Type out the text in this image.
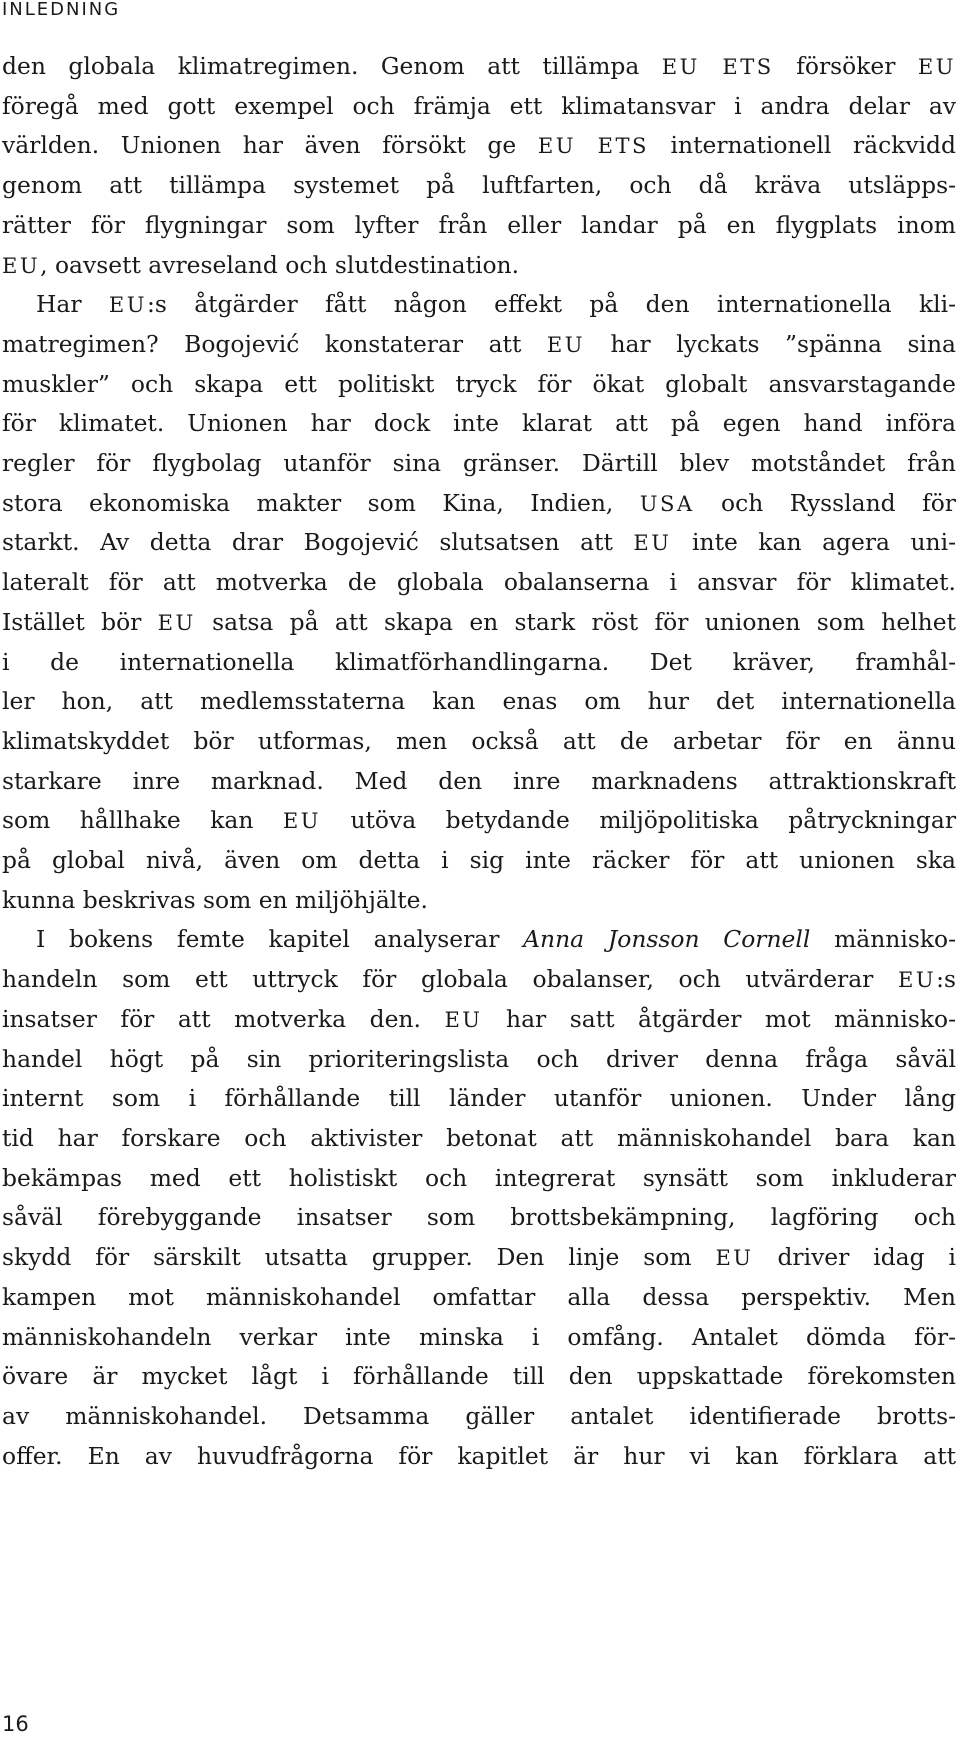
INLEDNING
den globala klimatregimen. Genom att tillämpa EU ETS försöker EU
föregå med gott exempel och främja ett klimatansvar i andra delar av
världen. Unionen har även försökt ge EU ETS internationell räckvidd
genom att tillämpa systemet på luftfarten, och då kräva utsläpps-
rätter för flygningar som lyfter från eller landar på en flygplats inom
EU, oavsett avreseland och slutdestination.
Har EU:s åtgärder fått någon effekt på den internationella kli-
matregimen? Bogojević konstaterar att EU har lyckats ”spänna sina
muskler” och skapa ett politiskt tryck för ökat globalt ansvarstagande
för klimatet. Unionen har dock inte klarat att på egen hand införa
regler för flygbolag utanför sina gränser. Därtill blev motståndet från
stora ekonomiska makter som Kina, Indien, USA och Ryssland för
starkt. Av detta drar Bogojević slutsatsen att EU inte kan agera uni-
lateralt för att motverka de globala obalanserna i ansvar för klimatet.
Istället bör EU satsa på att skapa en stark röst för unionen som helhet
i de internationella klimatförhandlingarna. Det kräver, framhål-
ler hon, att medlemsstaterna kan enas om hur det internationella
klimatskyddet bör utformas, men också att de arbetar för en ännu
starkare inre marknad. Med den inre marknadens attraktionskraft
som hållhake kan EU utöva betydande miljöpolitiska påtryckningar
på global nivå, även om detta i sig inte räcker för att unionen ska
kunna beskrivas som en miljöhjälte.
I bokens femte kapitel analyserar Anna Jonsson Cornell människo-
handeln som ett uttryck för globala obalanser, och utvärderar EU:s
insatser för att motverka den. EU har satt åtgärder mot människo-
handel högt på sin prioriteringslista och driver denna fråga såväl
internt som i förhållande till länder utanför unionen. Under lång
tid har forskare och aktivister betonat att människohandel bara kan
bekämpas med ett holistiskt och integrerat synsätt som inkluderar
såväl förebyggande insatser som brottsbekämpning, lagföring och
skydd för särskilt utsatta grupper. Den linje som EU driver idag i
kampen mot människohandel omfattar alla dessa perspektiv. Men
människohandeln verkar inte minska i omfång. Antalet dömda för-
övare är mycket lågt i förhållande till den uppskattade förekomsten
av människohandel. Detsamma gäller antalet identifierade brotts-
offer. En av huvudfrågorna för kapitlet är hur vi kan förklara att
16
